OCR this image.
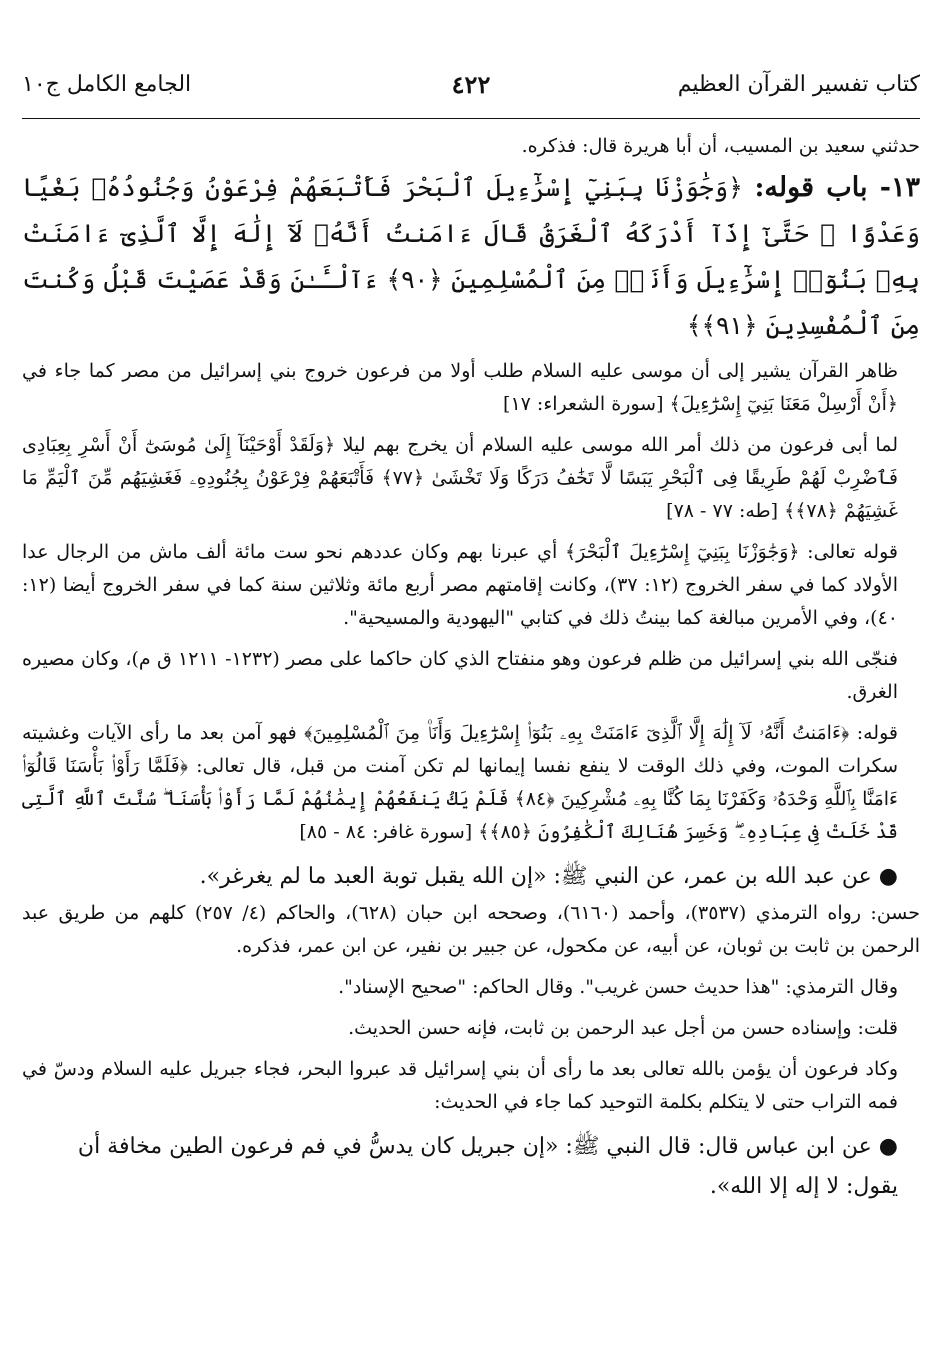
كتاب تفسير القرآن العظيم
٤٢٢
الجامع الكامل ج١٠

حدثني سعيد بن المسيب، أن أبا هريرة قال: فذكره.

١٣- باب قوله: ﴿وَجَٰوَزْنَا بِبَنِيٓ إِسْرَٰٓءِيلَ ٱلْبَحْرَ فَأَتْبَعَهُمْ فِرْعَوْنُ وَجُنُودُهُۥ بَغْيًا وَعَدْوًا ۖ حَتَّىٰٓ إِذَآ أَدْرَكَهُ ٱلْغَرَقُ قَالَ ءَامَنتُ أَنَّهُۥ لَآ إِلَٰهَ إِلَّا ٱلَّذِىٓ ءَامَنَتْ بِهِۦ بَنُوٓا۟ إِسْرَٰٓءِيلَ وَأَنَا۠ مِنَ ٱلْمُسْلِمِينَ ﴿٩٠﴾ ءَآلْـَٔـٰنَ وَقَدْ عَصَيْتَ قَبْلُ وَكُنتَ مِنَ ٱلْمُفْسِدِينَ ﴿٩١﴾﴾

ظاهر القرآن يشير إلى أن موسى عليه السلام طلب أولا من فرعون خروج بني إسرائيل من مصر كما جاء في ﴿أَنْ أَرْسِلْ مَعَنَا بَنِيٓ إِسْرَٰٓءِيلَ﴾ [سورة الشعراء: ١٧]

لما أبى فرعون من ذلك أمر الله موسى عليه السلام أن يخرج بهم ليلا ﴿وَلَقَدْ أَوْحَيْنَآ إِلَىٰ مُوسَىٰٓ أَنْ أَسْرِ بِعِبَادِى فَٱضْرِبْ لَهُمْ طَرِيقًا فِى ٱلْبَحْرِ يَبَسًا لَّا تَخَٰفُ دَرَكًا وَلَا تَخْشَىٰ ﴿٧٧﴾ فَأَتْبَعَهُمْ فِرْعَوْنُ بِجُنُودِهِۦ فَغَشِيَهُم مِّنَ ٱلْيَمِّ مَا غَشِيَهُمْ ﴿٧٨﴾﴾ [طه: ٧٧ - ٧٨]

قوله تعالى: ﴿وَجَٰوَزْنَا بِبَنِيٓ إِسْرَٰٓءِيلَ ٱلْبَحْرَ﴾ أي عبرنا بهم وكان عددهم نحو ست مائة ألف ماش من الرجال عدا الأولاد كما في سفر الخروج (١٢: ٣٧)، وكانت إقامتهم مصر أربع مائة وثلاثين سنة كما في سفر الخروج أيضا (١٢: ٤٠)، وفي الأمرين مبالغة كما بينتُ ذلك في كتابي "اليهودية والمسيحية".

فنجّى الله بني إسرائيل من ظلم فرعون وهو منفتاح الذي كان حاكما على مصر (١٢٣٢- ١٢١١ ق م)، وكان مصيره الغرق.

قوله: ﴿ءَامَنتُ أَنَّهُۥ لَآ إِلَٰهَ إِلَّا ٱلَّذِىٓ ءَامَنَتْ بِهِۦ بَنُوٓا۟ إِسْرَٰٓءِيلَ وَأَنَا۠ مِنَ ٱلْمُسْلِمِينَ﴾ فهو آمن بعد ما رأى الآيات وغشيته سكرات الموت، وفي ذلك الوقت لا ينفع نفسا إيمانها لم تكن آمنت من قبل، قال تعالى: ﴿فَلَمَّا رَأَوْا۟ بَأْسَنَا قَالُوٓا۟ ءَامَنَّا بِٱللَّهِ وَحْدَهُۥ وَكَفَرْنَا بِمَا كُنَّا بِهِۦ مُشْرِكِينَ ﴿٨٤﴾ فَلَمْ يَكُ يَنفَعُهُمْ إِيمَٰنُهُمْ لَمَّا رَأَوْا۟ بَأْسَنَا ۖ سُنَّتَ ٱللَّهِ ٱلَّتِى قَدْ خَلَتْ فِى عِبَادِهِۦ ۖ وَخَسِرَ هُنَالِكَ ٱلْكَٰفِرُونَ ﴿٨٥﴾﴾ [سورة غافر: ٨٤ - ٨٥]

● عن عبد الله بن عمر، عن النبي ﷺ: «إن الله يقبل توبة العبد ما لم يغرغر».

حسن: رواه الترمذي (٣٥٣٧)، وأحمد (٦١٦٠)، وصححه ابن حبان (٦٢٨)، والحاكم (٤/ ٢٥٧) كلهم من طريق عبد الرحمن بن ثابت بن ثوبان، عن أبيه، عن مكحول، عن جبير بن نفير، عن ابن عمر، فذكره.

وقال الترمذي: "هذا حديث حسن غريب". وقال الحاكم: "صحيح الإسناد".

قلت: وإسناده حسن من أجل عبد الرحمن بن ثابت، فإنه حسن الحديث.

وكاد فرعون أن يؤمن بالله تعالى بعد ما رأى أن بني إسرائيل قد عبروا البحر، فجاء جبريل عليه السلام ودسّ في فمه التراب حتى لا يتكلم بكلمة التوحيد كما جاء في الحديث:

● عن ابن عباس قال: قال النبي ﷺ: «إن جبريل كان يدسُّ في فم فرعون الطين مخافة أن يقول: لا إله إلا الله».
